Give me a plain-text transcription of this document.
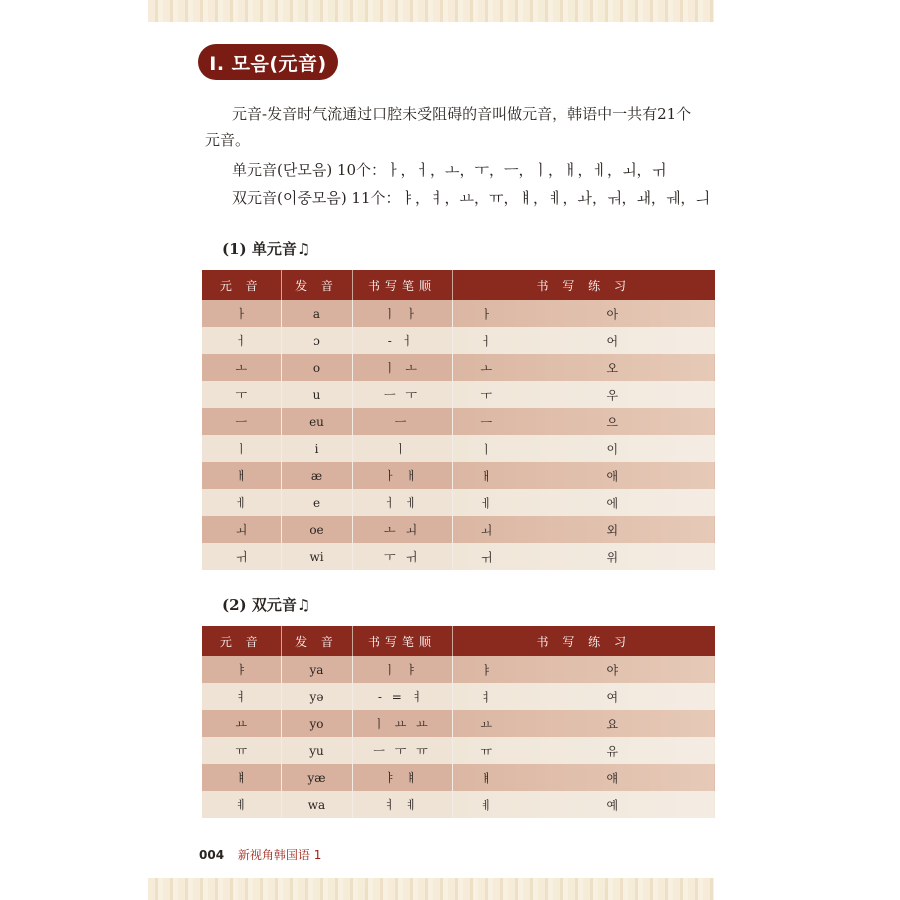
I. 모음(元音)
元音-发音时气流通过口腔未受阻碍的音叫做元音，韩语中一共有21个
元音。
单元音(단모음) 10个：ㅏ，ㅓ，ㅗ，ㅜ，ㅡ，ㅣ，ㅐ，ㅔ，ㅚ，ㅟ
双元音(이중모음) 11个：ㅑ，ㅕ，ㅛ，ㅠ，ㅒ，ㅖ，ㅘ，ㅝ，ㅙ，ㅞ，ㅢ
(1) 单元音♫
元 音	发 音	书写笔顺	书 写 练 习
ㅏ	a	ㅣ ㅏ	ㅏ 아

ㅓ	ɔ	- ㅓ	ㅓ 어

ㅗ	o	ㅣ ㅗ	ㅗ 오

ㅜ	u	ㅡ ㅜ	ㅜ 우

ㅡ	eu	ㅡ	ㅡ 으

ㅣ	i	ㅣ	ㅣ 이

ㅐ	æ	ㅏ ㅐ	ㅐ 애

ㅔ	e	ㅓ ㅔ	ㅔ 에

ㅚ	oe	ㅗ ㅚ	ㅚ 외

ㅟ	wi	ㅜ ㅟ	ㅟ 위
(2) 双元音♫
元 音	发 音	书写笔顺	书 写 练 习
ㅑ	ya	ㅣ ㅑ	ㅑ 야

ㅕ	yə	- = ㅕ	ㅕ 여

ㅛ	yo	ㅣ ㅛ ㅛ	ㅛ 요

ㅠ	yu	ㅡ ㅜ ㅠ	ㅠ 유

ㅒ	yæ	ㅑ ㅒ	ㅒ 얘

ㅖ	wa	ㅕ ㅖ	ㅖ 예
004 新视角韩国语 1
